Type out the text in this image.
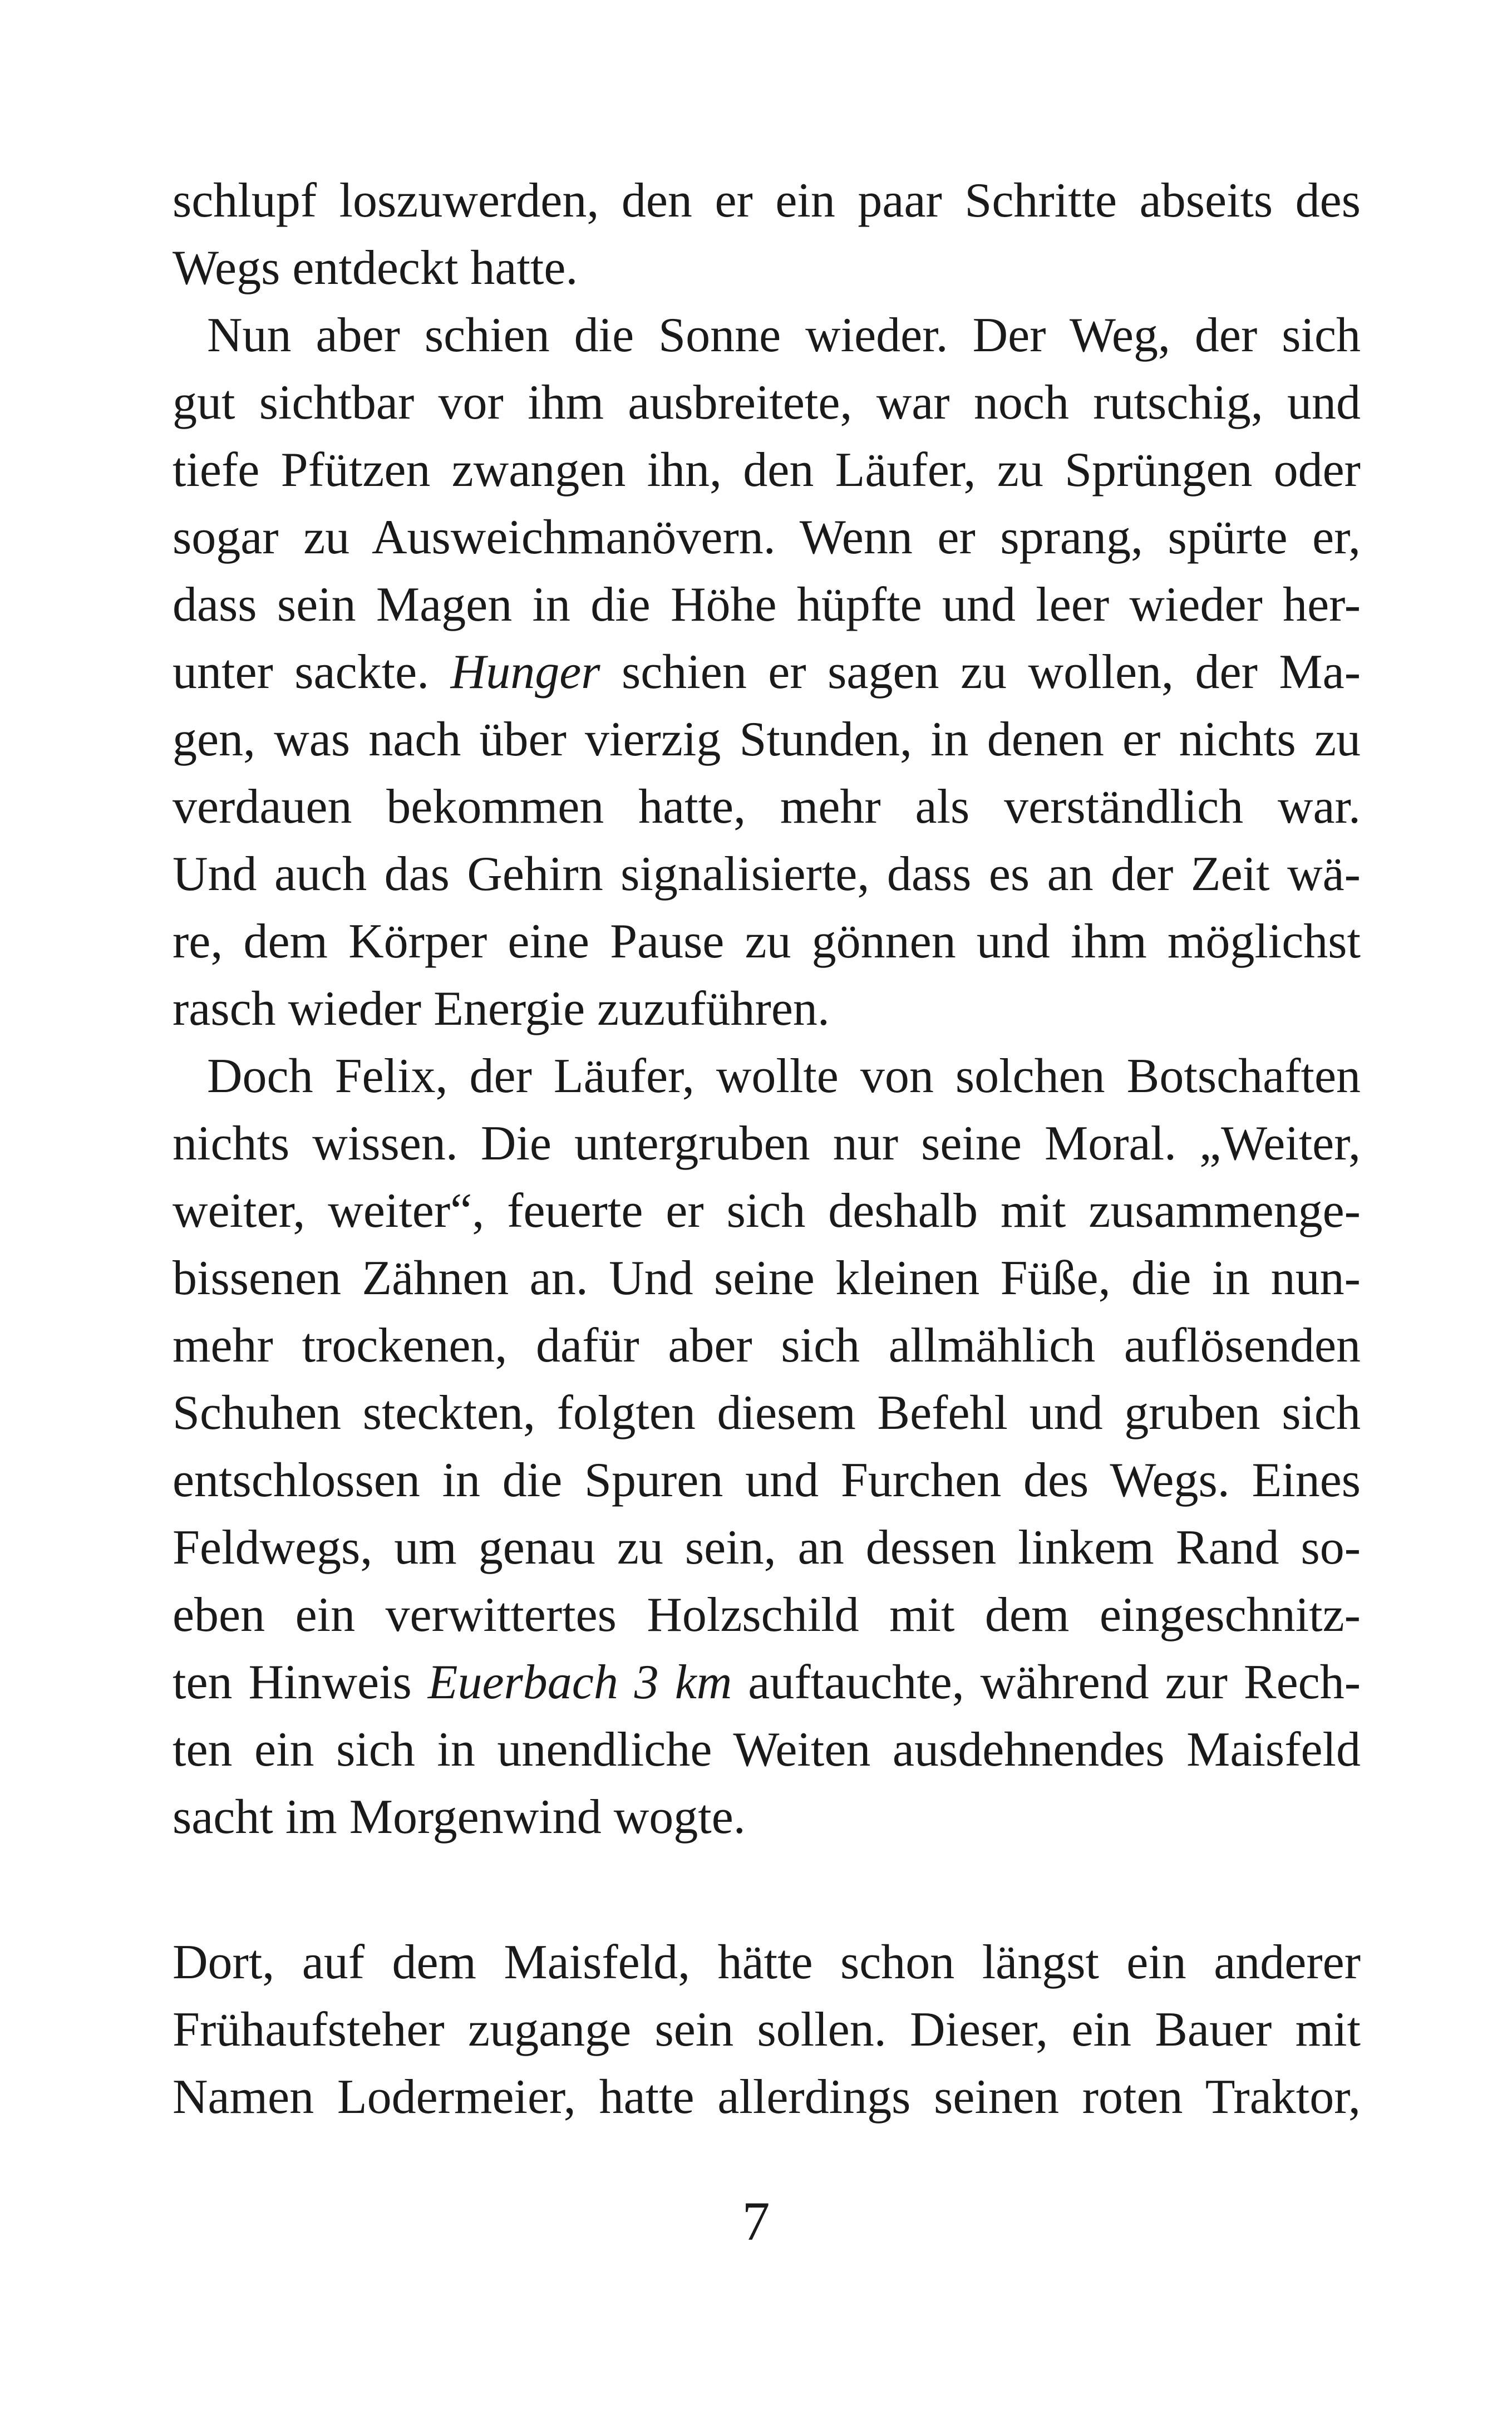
schlupf loszuwerden, den er ein paar Schritte abseits des
Wegs entdeckt hatte.
Nun aber schien die Sonne wieder. Der Weg, der sich
gut sichtbar vor ihm ausbreitete, war noch rutschig, und
tiefe Pfützen zwangen ihn, den Läufer, zu Sprüngen oder
sogar zu Ausweichmanövern. Wenn er sprang, spürte er,
dass sein Magen in die Höhe hüpfte und leer wieder her-
unter sackte. Hunger schien er sagen zu wollen, der Ma-
gen, was nach über vierzig Stunden, in denen er nichts zu
verdauen bekommen hatte, mehr als verständlich war.
Und auch das Gehirn signalisierte, dass es an der Zeit wä-
re, dem Körper eine Pause zu gönnen und ihm möglichst
rasch wieder Energie zuzuführen.
Doch Felix, der Läufer, wollte von solchen Botschaften
nichts wissen. Die untergruben nur seine Moral. „Weiter,
weiter, weiter“, feuerte er sich deshalb mit zusammenge-
bissenen Zähnen an. Und seine kleinen Füße, die in nun-
mehr trockenen, dafür aber sich allmählich auflösenden
Schuhen steckten, folgten diesem Befehl und gruben sich
entschlossen in die Spuren und Furchen des Wegs. Eines
Feldwegs, um genau zu sein, an dessen linkem Rand so-
eben ein verwittertes Holzschild mit dem eingeschnitz-
ten Hinweis Euerbach 3 km auftauchte, während zur Rech-
ten ein sich in unendliche Weiten ausdehnendes Maisfeld
sacht im Morgenwind wogte.
Dort, auf dem Maisfeld, hätte schon längst ein anderer
Frühaufsteher zugange sein sollen. Dieser, ein Bauer mit
Namen Lodermeier, hatte allerdings seinen roten Traktor,
7
